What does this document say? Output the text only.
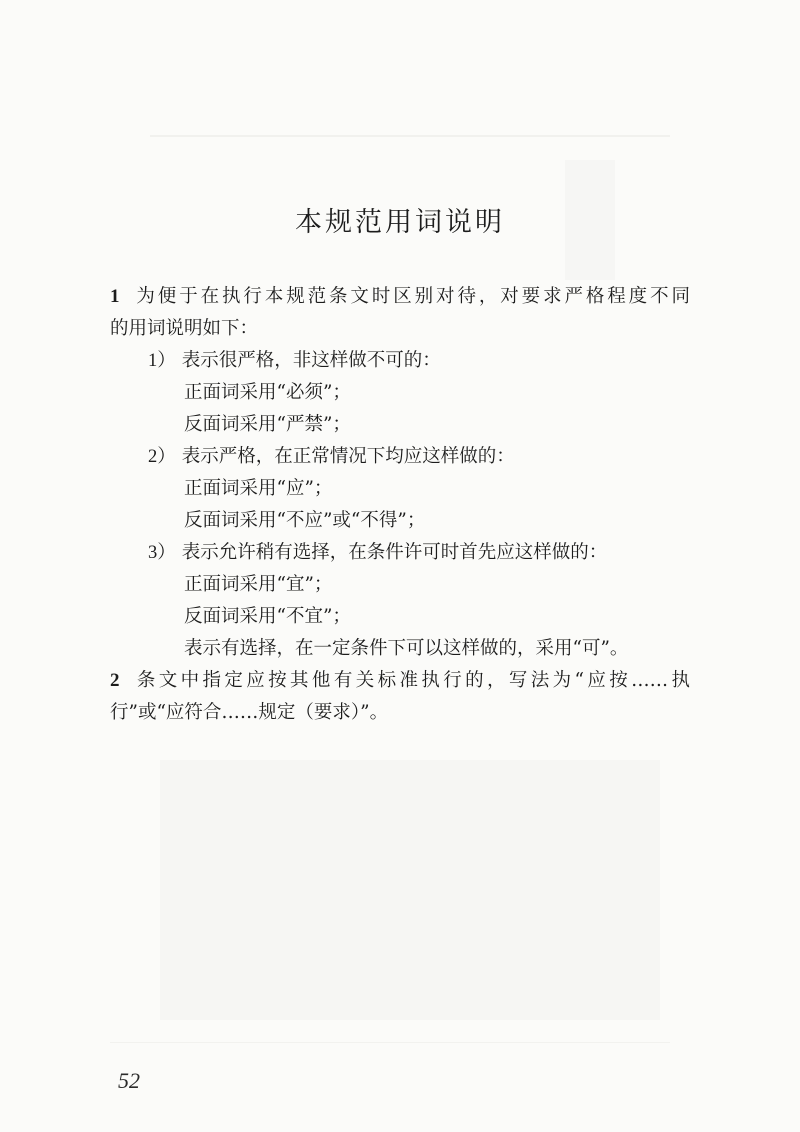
本规范用词说明
1 为便于在执行本规范条文时区别对待，对要求严格程度不同
的用词说明如下：
1） 表示很严格，非这样做不可的：
正面词采用“必须”；
反面词采用“严禁”；
2） 表示严格，在正常情况下均应这样做的：
正面词采用“应”；
反面词采用“不应”或“不得”；
3） 表示允许稍有选择，在条件许可时首先应这样做的：
正面词采用“宜”；
反面词采用“不宜”；
表示有选择，在一定条件下可以这样做的，采用“可”。
2 条文中指定应按其他有关标准执行的，写法为“应按……执
行”或“应符合……规定（要求）”。
52
